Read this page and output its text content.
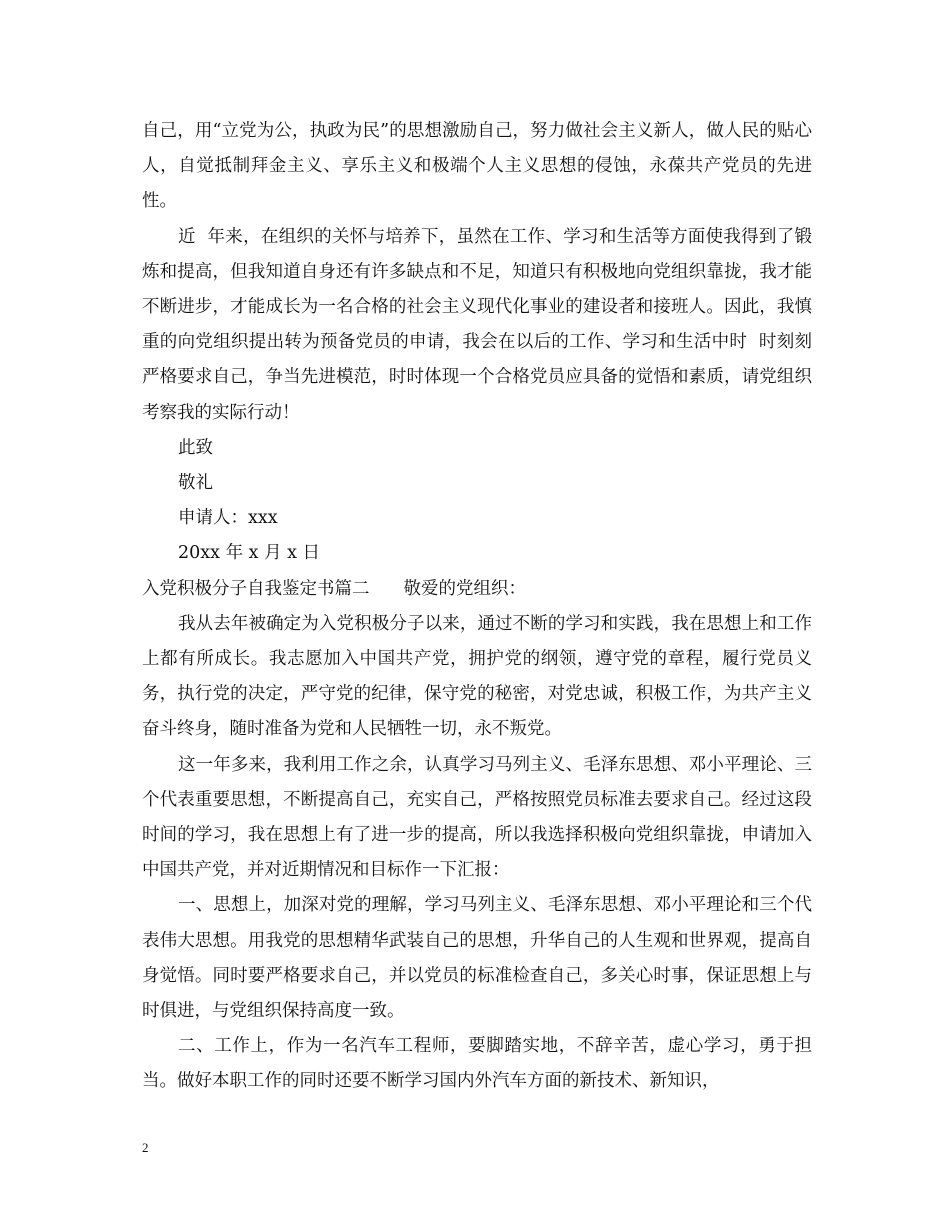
自己，用“立党为公，执政为民”的思想激励自己，努力做社会主义新人，做人民的贴心人，自觉抵制拜金主义、享乐主义和极端个人主义思想的侵蚀，永葆共产党员的先进性。

近  年来，在组织的关怀与培养下，虽然在工作、学习和生活等方面使我得到了锻炼和提高，但我知道自身还有许多缺点和不足，知道只有积极地向党组织靠拢，我才能  不断进步，才能成长为一名合格的社会主义现代化事业的建设者和接班人。因此，我慎重的向党组织提出转为预备党员的申请，我会在以后的工作、学习和生活中时  时刻刻严格要求自己，争当先进模范，时时体现一个合格党员应具备的觉悟和素质，请党组织考察我的实际行动！

此致

敬礼

申请人：xxx

20xx 年 x 月 x 日

入党积极分子自我鉴定书篇二 敬爱的党组织：

我从去年被确定为入党积极分子以来，通过不断的学习和实践，我在思想上和工作上都有所成长。我志愿加入中国共产党，拥护党的纲领，遵守党的章程，履行党员义务，执行党的决定，严守党的纪律，保守党的秘密，对党忠诚，积极工作，为共产主义奋斗终身，随时准备为党和人民牺牲一切，永不叛党。

这一年多来，我利用工作之余，认真学习马列主义、毛泽东思想、邓小平理论、三个代表重要思想，不断提高自己，充实自己，严格按照党员标准去要求自己。经过这段时间的学习，我在思想上有了进一步的提高，所以我选择积极向党组织靠拢，申请加入中国共产党，并对近期情况和目标作一下汇报：

一、思想上，加深对党的理解，学习马列主义、毛泽东思想、邓小平理论和三个代表伟大思想。用我党的思想精华武装自己的思想，升华自己的人生观和世界观，提高自身觉悟。同时要严格要求自己，并以党员的标准检查自己，多关心时事，保证思想上与时俱进，与党组织保持高度一致。

二、工作上，作为一名汽车工程师，要脚踏实地，不辞辛苦，虚心学习，勇于担当。做好本职工作的同时还要不断学习国内外汽车方面的新技术、新知识，

2
